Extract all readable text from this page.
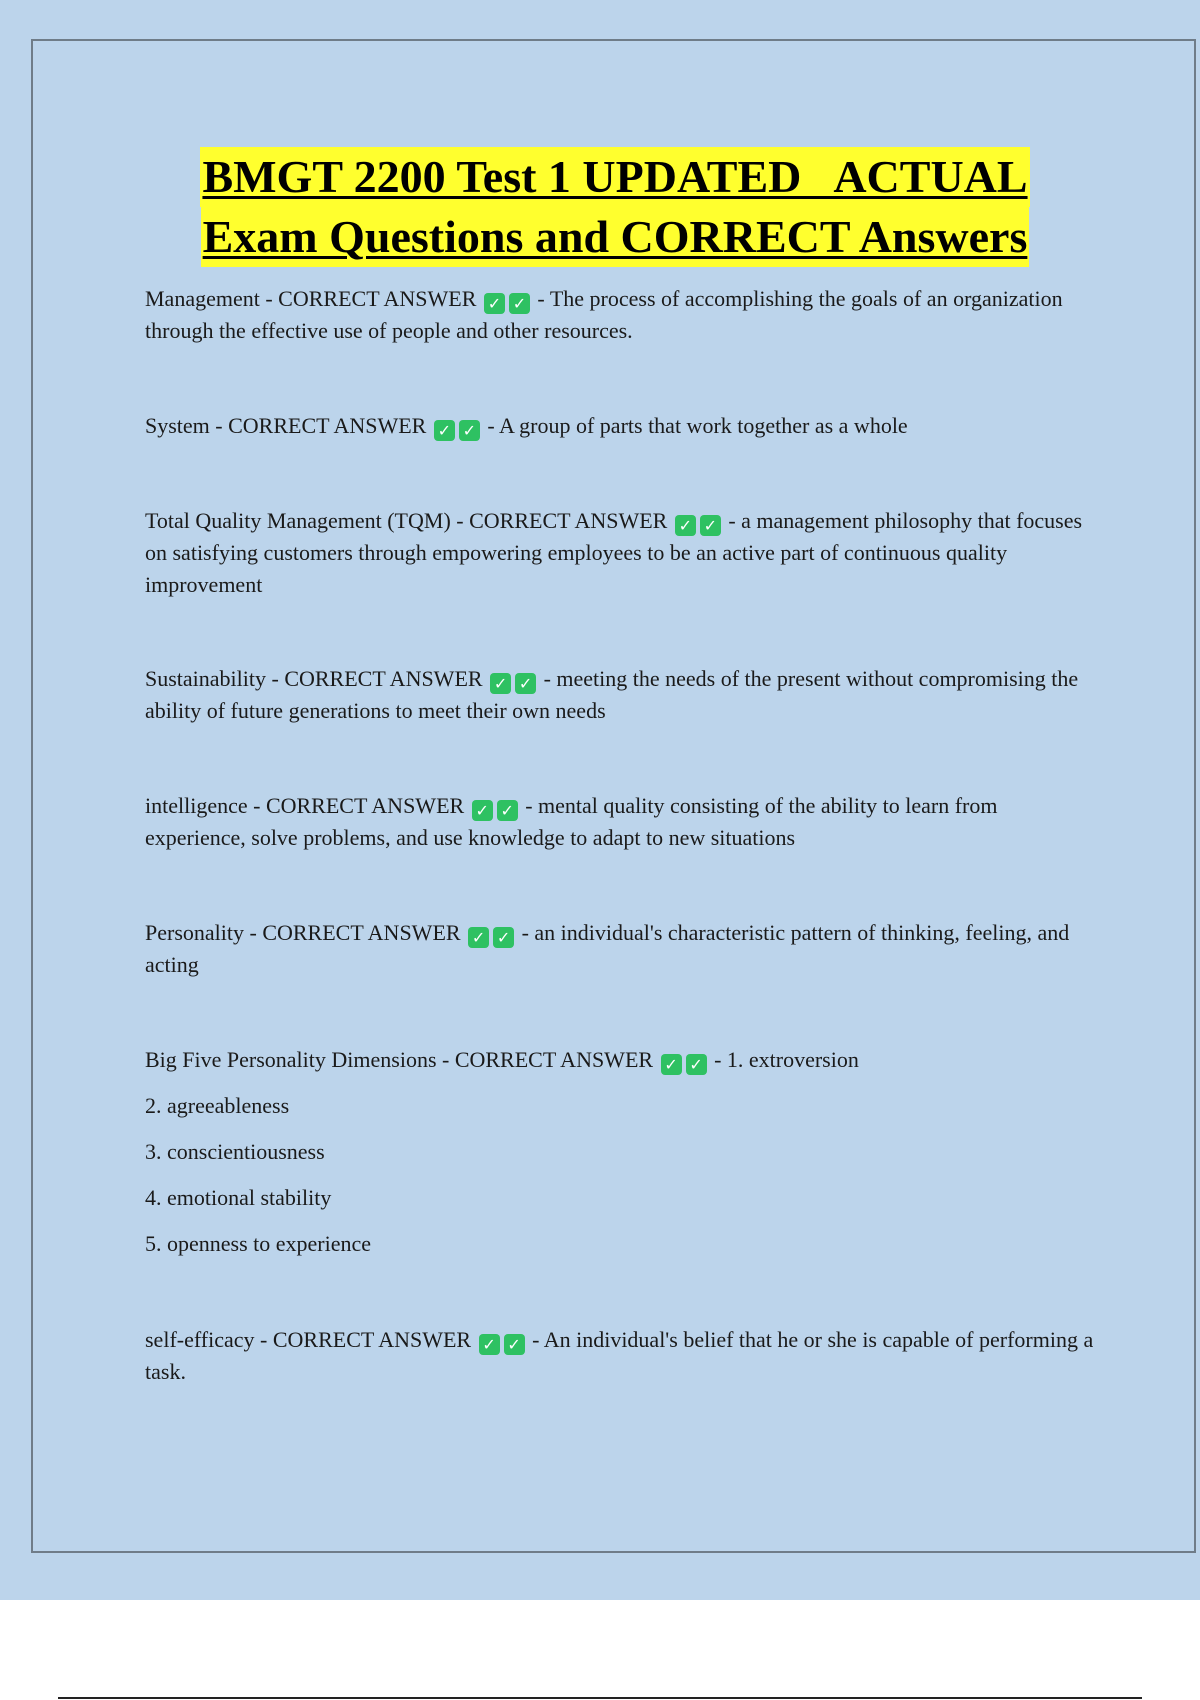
BMGT 2200 Test 1 UPDATED   ACTUAL
Exam Questions and CORRECT Answers

Management - CORRECT ANSWER ✓ ✓ - The process of accomplishing the goals of an organization through the effective use of people and other resources.

System - CORRECT ANSWER ✓ ✓ - A group of parts that work together as a whole

Total Quality Management (TQM) - CORRECT ANSWER ✓ ✓ - a management philosophy that focuses on satisfying customers through empowering employees to be an active part of continuous quality improvement

Sustainability - CORRECT ANSWER ✓ ✓ - meeting the needs of the present without compromising the ability of future generations to meet their own needs

intelligence - CORRECT ANSWER ✓ ✓ - mental quality consisting of the ability to learn from experience, solve problems, and use knowledge to adapt to new situations

Personality - CORRECT ANSWER ✓ ✓ - an individual's characteristic pattern of thinking, feeling, and acting

Big Five Personality Dimensions - CORRECT ANSWER ✓ ✓ - 1. extroversion

2. agreeableness

3. conscientiousness

4. emotional stability

5. openness to experience

self-efficacy - CORRECT ANSWER ✓ ✓ - An individual's belief that he or she is capable of performing a task.
